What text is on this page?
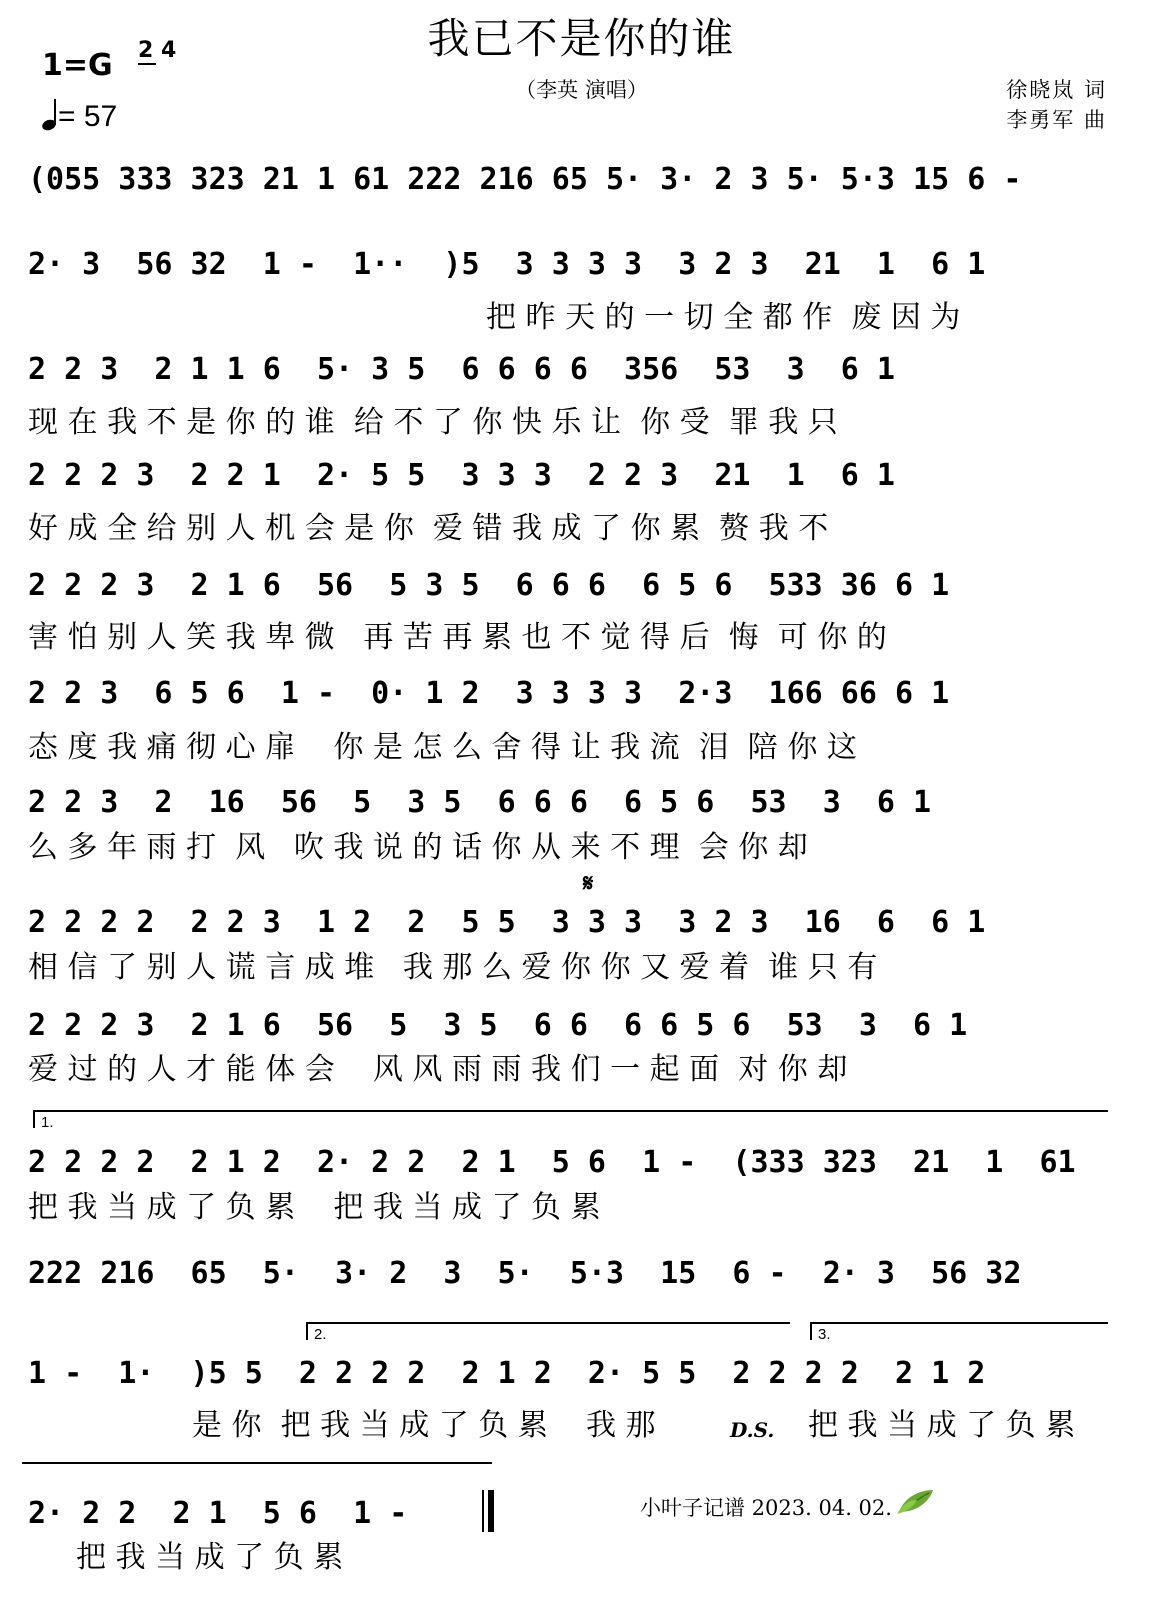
我已不是你的谁
1=G 2 4
= 57
（李英 演唱）	徐晓岚 词
李勇军 曲
(055 333 323 21 1 61 222 216 65 5· 3· 2 3 5· 5·3 15 6 -
2· 3  56 32  1 -  1··  )5  3 3 3 3  3 2 3  21  1  6 1
把 昨 天 的 一 切 全 都 作  废 因 为
2 2 3  2 1 1 6  5· 3 5  6 6 6 6  356  53  3  6 1
现 在 我 不 是 你 的 谁  给 不 了 你 快 乐 让  你 受  罪 我 只
2 2 2 3  2 2 1  2· 5 5  3 3 3  2 2 3  21  1  6 1
好 成 全 给 别 人 机 会 是 你  爱 错 我 成 了 你 累  赘 我 不
2 2 2 3  2 1 6  56  5 3 5  6 6 6  6 5 6  533 36 6 1
害 怕 别 人 笑 我 卑 微   再 苦 再 累 也 不 觉 得 后  悔  可 你 的
2 2 3  6 5 6  1 -  0· 1 2  3 3 3 3  2·3  166 66 6 1
态 度 我 痛 彻 心 扉    你 是 怎 么 舍 得 让 我 流  泪  陪 你 这
2 2 3  2  16  56  5  3 5  6 6 6  6 5 6  53  3  6 1
么 多 年 雨 打  风   吹 我 说 的 话 你 从 来 不 理  会 你 却
𝄋
2 2 2 2  2 2 3  1 2  2  5 5  3 3 3  3 2 3  16  6  6 1
相 信 了 别 人 谎 言 成 堆   我 那 么 爱 你 你 又 爱 着  谁 只 有
2 2 2 3  2 1 6  56  5  3 5  6 6  6 6 5 6  53  3  6 1
爱 过 的 人 才 能 体 会    风 风 雨 雨 我 们 一 起 面  对 你 却
1.
2 2 2 2  2 1 2  2· 2 2  2 1  5 6  1 -  (333 323  21  1  61
把 我 当 成 了 负 累    把 我 当 成 了 负 累
222 216  65  5·  3· 2  3  5·  5·3  15  6 -  2· 3  56 32
2.	3.
1 -  1·  )5 5  2 2 2 2  2 1 2  2· 5 5  2 2 2 2  2 1 2
是 你  把 我 当 成 了 负 累    我 那	D.S.	把 我 当 成 了 负 累
2· 2 2  2 1  5 6  1 -
把 我 当 成 了 负 累
小叶子记谱 2023. 04. 02.
